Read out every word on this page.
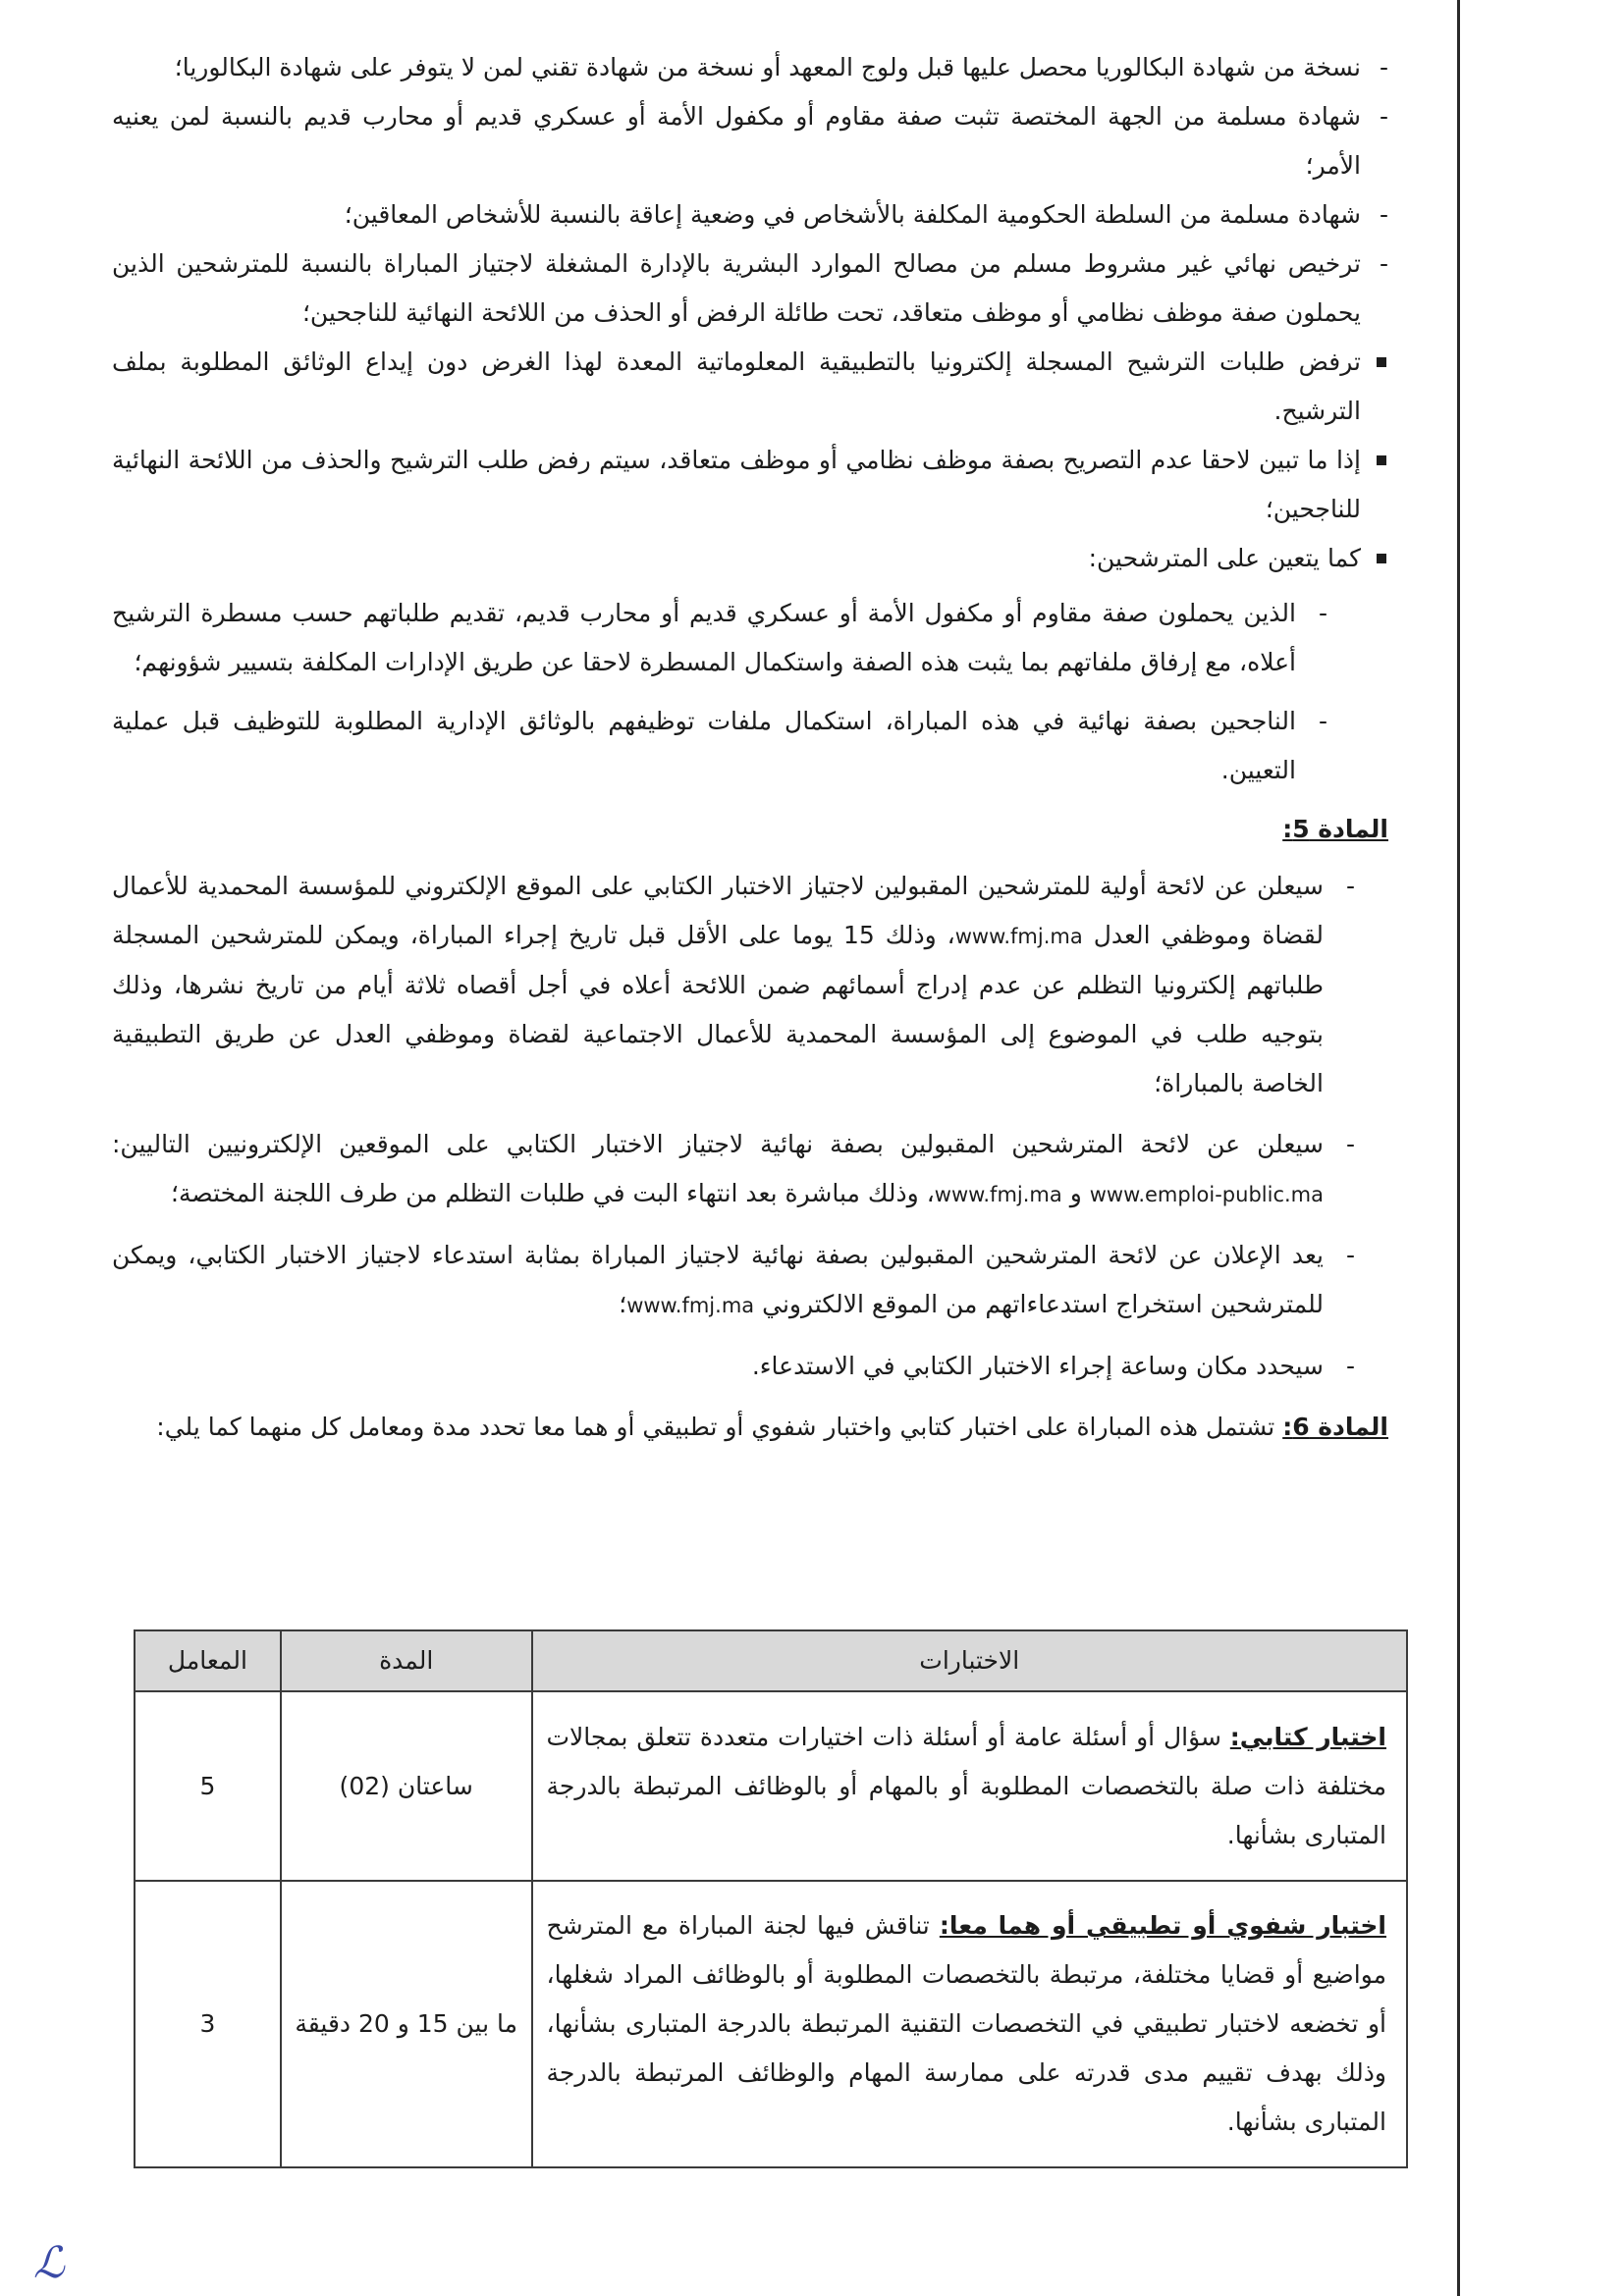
- نسخة من شهادة البكالوريا محصل عليها قبل ولوج المعهد أو نسخة من شهادة تقني لمن لا يتوفر على شهادة البكالوريا؛
- شهادة مسلمة من الجهة المختصة تثبت صفة مقاوم أو مكفول الأمة أو عسكري قديم أو محارب قديم بالنسبة لمن يعنيه الأمر؛
- شهادة مسلمة من السلطة الحكومية المكلفة بالأشخاص في وضعية إعاقة بالنسبة للأشخاص المعاقين؛
- ترخيص نهائي غير مشروط مسلم من مصالح الموارد البشرية بالإدارة المشغلة لاجتياز المباراة بالنسبة للمترشحين الذين يحملون صفة موظف نظامي أو موظف متعاقد، تحت طائلة الرفض أو الحذف من اللائحة النهائية للناجحين؛
ترفض طلبات الترشيح المسجلة إلكترونيا بالتطبيقية المعلوماتية المعدة لهذا الغرض دون إيداع الوثائق المطلوبة بملف الترشيح.
إذا ما تبين لاحقا عدم التصريح بصفة موظف نظامي أو موظف متعاقد، سيتم رفض طلب الترشيح والحذف من اللائحة النهائية للناجحين؛
كما يتعين على المترشحين:
- الذين يحملون صفة مقاوم أو مكفول الأمة أو عسكري قديم أو محارب قديم، تقديم طلباتهم حسب مسطرة الترشيح أعلاه، مع إرفاق ملفاتهم بما يثبت هذه الصفة واستكمال المسطرة لاحقا عن طريق الإدارات المكلفة بتسيير شؤونهم؛
- الناجحين بصفة نهائية في هذه المباراة، استكمال ملفات توظيفهم بالوثائق الإدارية المطلوبة للتوظيف قبل عملية التعيين.
المادة 5:
- سيعلن عن لائحة أولية للمترشحين المقبولين لاجتياز الاختبار الكتابي على الموقع الإلكتروني للمؤسسة المحمدية للأعمال لقضاة وموظفي العدل www.fmj.ma، وذلك 15 يوما على الأقل قبل تاريخ إجراء المباراة، ويمكن للمترشحين المسجلة طلباتهم إلكترونيا التظلم عن عدم إدراج أسمائهم ضمن اللائحة أعلاه في أجل أقصاه ثلاثة أيام من تاريخ نشرها، وذلك بتوجيه طلب في الموضوع إلى المؤسسة المحمدية للأعمال الاجتماعية لقضاة وموظفي العدل عن طريق التطبيقية الخاصة بالمباراة؛
- سيعلن عن لائحة المترشحين المقبولين بصفة نهائية لاجتياز الاختبار الكتابي على الموقعين الإلكترونيين التاليين: www.emploi-public.ma و www.fmj.ma، وذلك مباشرة بعد انتهاء البت في طلبات التظلم من طرف اللجنة المختصة؛
- يعد الإعلان عن لائحة المترشحين المقبولين بصفة نهائية لاجتياز المباراة بمثابة استدعاء لاجتياز الاختبار الكتابي، ويمكن للمترشحين استخراج استدعاءاتهم من الموقع الالكتروني www.fmj.ma؛
- سيحدد مكان وساعة إجراء الاختبار الكتابي في الاستدعاء.
المادة 6: تشتمل هذه المباراة على اختبار كتابي واختبار شفوي أو تطبيقي أو هما معا تحدد مدة ومعامل كل منهما كما يلي:
الاختبارات	المدة	المعامل
اختبار كتابي: سؤال أو أسئلة عامة أو أسئلة ذات اختيارات متعددة تتعلق بمجالات مختلفة ذات صلة بالتخصصات المطلوبة أو بالمهام أو بالوظائف المرتبطة بالدرجة المتبارى بشأنها.	ساعتان (02)	5
اختبار شفوي أو تطبيقي أو هما معا: تناقش فيها لجنة المباراة مع المترشح مواضيع أو قضايا مختلفة، مرتبطة بالتخصصات المطلوبة أو بالوظائف المراد شغلها، أو تخضعه لاختبار تطبيقي في التخصصات التقنية المرتبطة بالدرجة المتبارى بشأنها، وذلك بهدف تقييم مدى قدرته على ممارسة المهام والوظائف المرتبطة بالدرجة المتبارى بشأنها.	ما بين 15 و 20 دقيقة	3
ℒ
